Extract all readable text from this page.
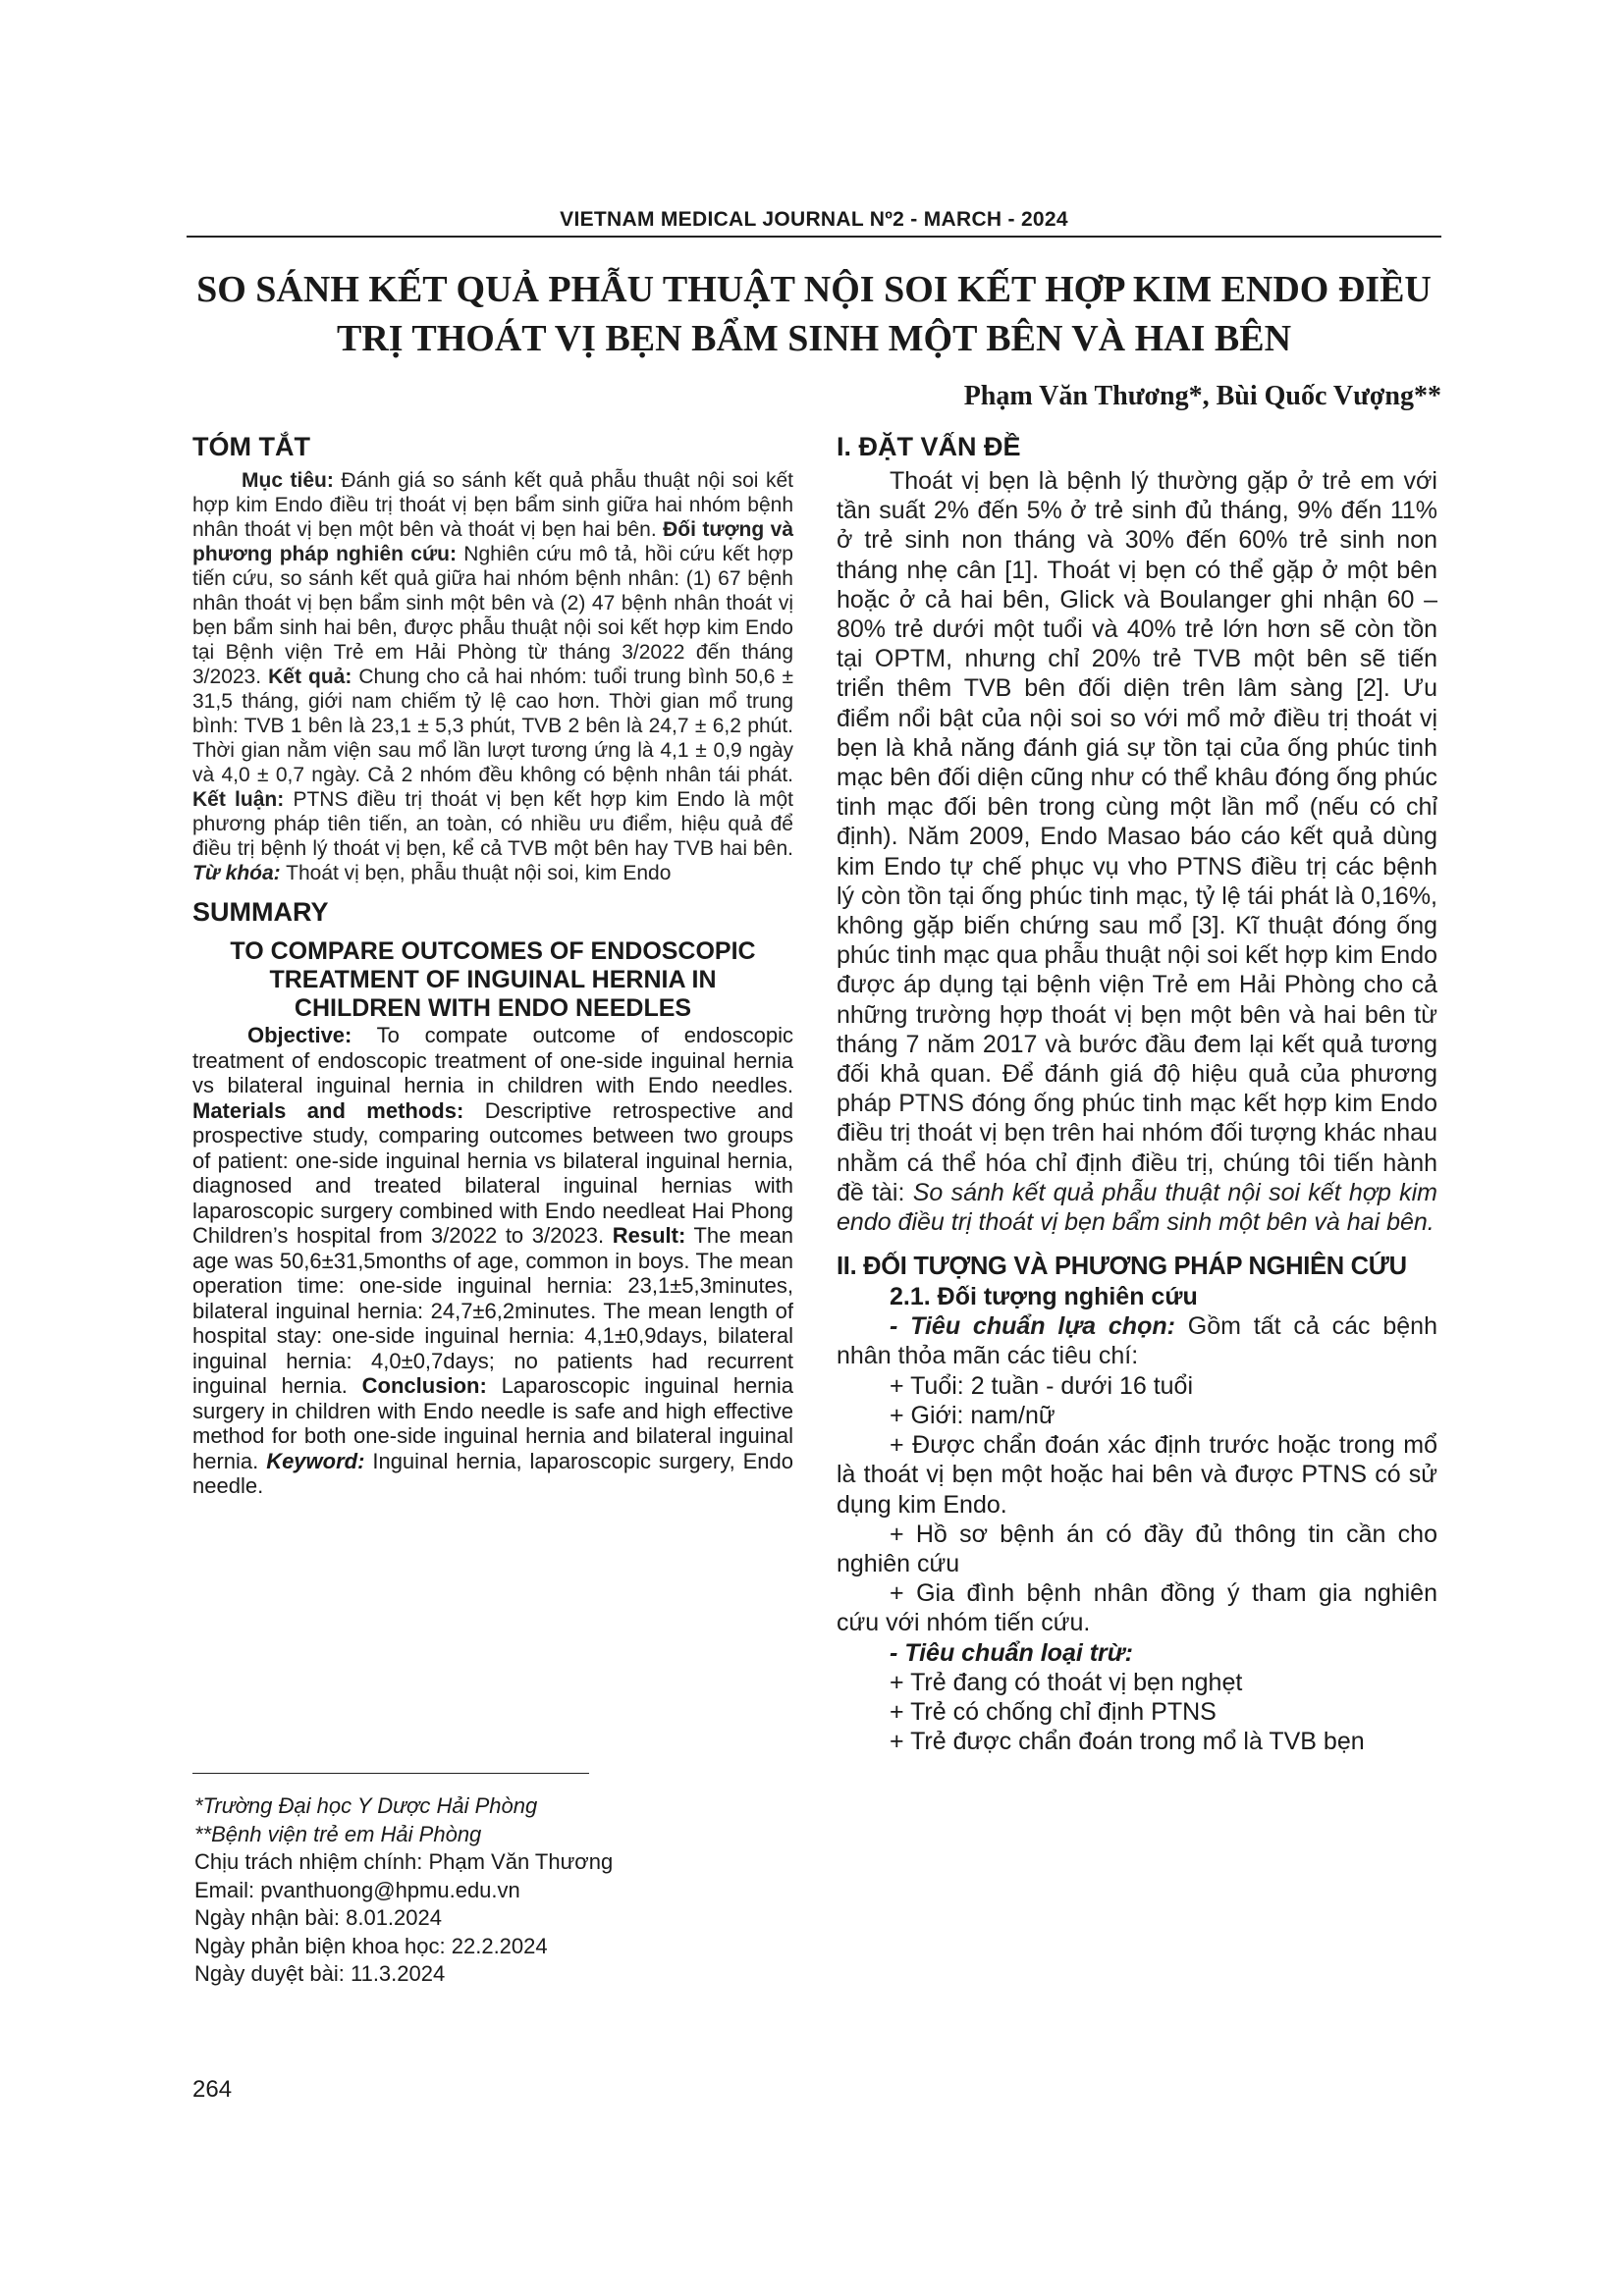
VIETNAM MEDICAL JOURNAL Nº2 - MARCH - 2024
SO SÁNH KẾT QUẢ PHẪU THUẬT NỘI SOI KẾT HỢP KIM ENDO ĐIỀU
TRỊ THOÁT VỊ BẸN BẨM SINH MỘT BÊN VÀ HAI BÊN
Phạm Văn Thương*, Bùi Quốc Vượng**
TÓM TẮT

Mục tiêu: Đánh giá so sánh kết quả phẫu thuật nội soi kết hợp kim Endo điều trị thoát vị bẹn bẩm sinh giữa hai nhóm bệnh nhân thoát vị bẹn một bên và thoát vị bẹn hai bên. Đối tượng và phương pháp nghiên cứu: Nghiên cứu mô tả, hồi cứu kết hợp tiến cứu, so sánh kết quả giữa hai nhóm bệnh nhân: (1) 67 bệnh nhân thoát vị bẹn bẩm sinh một bên và (2) 47 bệnh nhân thoát vị bẹn bẩm sinh hai bên, được phẫu thuật nội soi kết hợp kim Endo tại Bệnh viện Trẻ em Hải Phòng từ tháng 3/2022 đến tháng 3/2023. Kết quả: Chung cho cả hai nhóm: tuổi trung bình 50,6 ± 31,5 tháng, giới nam chiếm tỷ lệ cao hơn. Thời gian mổ trung bình: TVB 1 bên là 23,1 ± 5,3 phút, TVB 2 bên là 24,7 ± 6,2 phút. Thời gian nằm viện sau mổ lần lượt tương ứng là 4,1 ± 0,9 ngày và 4,0 ± 0,7 ngày. Cả 2 nhóm đều không có bệnh nhân tái phát. Kết luận: PTNS điều trị thoát vị bẹn kết hợp kim Endo là một phương pháp tiên tiến, an toàn, có nhiều ưu điểm, hiệu quả để điều trị bệnh lý thoát vị bẹn, kể cả TVB một bên hay TVB hai bên. Từ khóa: Thoát vị bẹn, phẫu thuật nội soi, kim Endo

SUMMARY

TO COMPARE OUTCOMES OF ENDOSCOPIC TREATMENT OF INGUINAL HERNIA IN CHILDREN WITH ENDO NEEDLES

Objective: To compate outcome of endoscopic treatment of endoscopic treatment of one-side inguinal hernia vs bilateral inguinal hernia in children with Endo needles. Materials and methods: Descriptive retrospective and prospective study, comparing outcomes between two groups of patient: one-side inguinal hernia vs bilateral inguinal hernia, diagnosed and treated bilateral inguinal hernias with laparoscopic surgery combined with Endo needleat Hai Phong Children’s hospital from 3/2022 to 3/2023. Result: The mean age was 50,6±31,5months of age, common in boys. The mean operation time: one-side inguinal hernia: 23,1±5,3minutes, bilateral inguinal hernia: 24,7±6,2minutes. The mean length of hospital stay: one-side inguinal hernia: 4,1±0,9days, bilateral inguinal hernia: 4,0±0,7days; no patients had recurrent inguinal hernia. Conclusion: Laparoscopic inguinal hernia surgery in children with Endo needle is safe and high effective method for both one-side inguinal hernia and bilateral inguinal hernia. Keyword: Inguinal hernia, laparoscopic surgery, Endo needle.

*Trường Đại học Y Dược Hải Phòng
**Bệnh viện trẻ em Hải Phòng
Chịu trách nhiệm chính: Phạm Văn Thương
Email: pvanthuong@hpmu.edu.vn
Ngày nhận bài: 8.01.2024
Ngày phản biện khoa học: 22.2.2024
Ngày duyệt bài: 11.3.2024
264
I. ĐẶT VẤN ĐỀ

Thoát vị bẹn là bệnh lý thường gặp ở trẻ em với tần suất 2% đến 5% ở trẻ sinh đủ tháng, 9% đến 11% ở trẻ sinh non tháng và 30% đến 60% trẻ sinh non tháng nhẹ cân [1]. Thoát vị bẹn có thể gặp ở một bên hoặc ở cả hai bên, Glick và Boulanger ghi nhận 60 – 80% trẻ dưới một tuổi và 40% trẻ lớn hơn sẽ còn tồn tại OPTM, nhưng chỉ 20% trẻ TVB một bên sẽ tiến triển thêm TVB bên đối diện trên lâm sàng [2]. Ưu điểm nổi bật của nội soi so với mổ mở điều trị thoát vị bẹn là khả năng đánh giá sự tồn tại của ống phúc tinh mạc bên đối diện cũng như có thể khâu đóng ống phúc tinh mạc đối bên trong cùng một lần mổ (nếu có chỉ định). Năm 2009, Endo Masao báo cáo kết quả dùng kim Endo tự chế phục vụ vho PTNS điều trị các bệnh lý còn tồn tại ống phúc tinh mạc, tỷ lệ tái phát là 0,16%, không gặp biến chứng sau mổ [3]. Kĩ thuật đóng ống phúc tinh mạc qua phẫu thuật nội soi kết hợp kim Endo được áp dụng tại bệnh viện Trẻ em Hải Phòng cho cả những trường hợp thoát vị bẹn một bên và hai bên từ tháng 7 năm 2017 và bước đầu đem lại kết quả tương đối khả quan. Để đánh giá độ hiệu quả của phương pháp PTNS đóng ống phúc tinh mạc kết hợp kim Endo điều trị thoát vị bẹn trên hai nhóm đối tượng khác nhau nhằm cá thể hóa chỉ định điều trị, chúng tôi tiến hành đề tài: So sánh kết quả phẫu thuật nội soi kết hợp kim endo điều trị thoát vị bẹn bẩm sinh một bên và hai bên.

II. ĐỐI TƯỢNG VÀ PHƯƠNG PHÁP NGHIÊN CỨU

2.1. Đối tượng nghiên cứu

- Tiêu chuẩn lựa chọn: Gồm tất cả các bệnh nhân thỏa mãn các tiêu chí:

+ Tuổi: 2 tuần - dưới 16 tuổi

+ Giới: nam/nữ

+ Được chẩn đoán xác định trước hoặc trong mổ là thoát vị bẹn một hoặc hai bên và được PTNS có sử dụng kim Endo.

+ Hồ sơ bệnh án có đầy đủ thông tin cần cho nghiên cứu

+ Gia đình bệnh nhân đồng ý tham gia nghiên cứu với nhóm tiến cứu.

- Tiêu chuẩn loại trừ:

+ Trẻ đang có thoát vị bẹn nghẹt

+ Trẻ có chống chỉ định PTNS

+ Trẻ được chẩn đoán trong mổ là TVB bẹn
